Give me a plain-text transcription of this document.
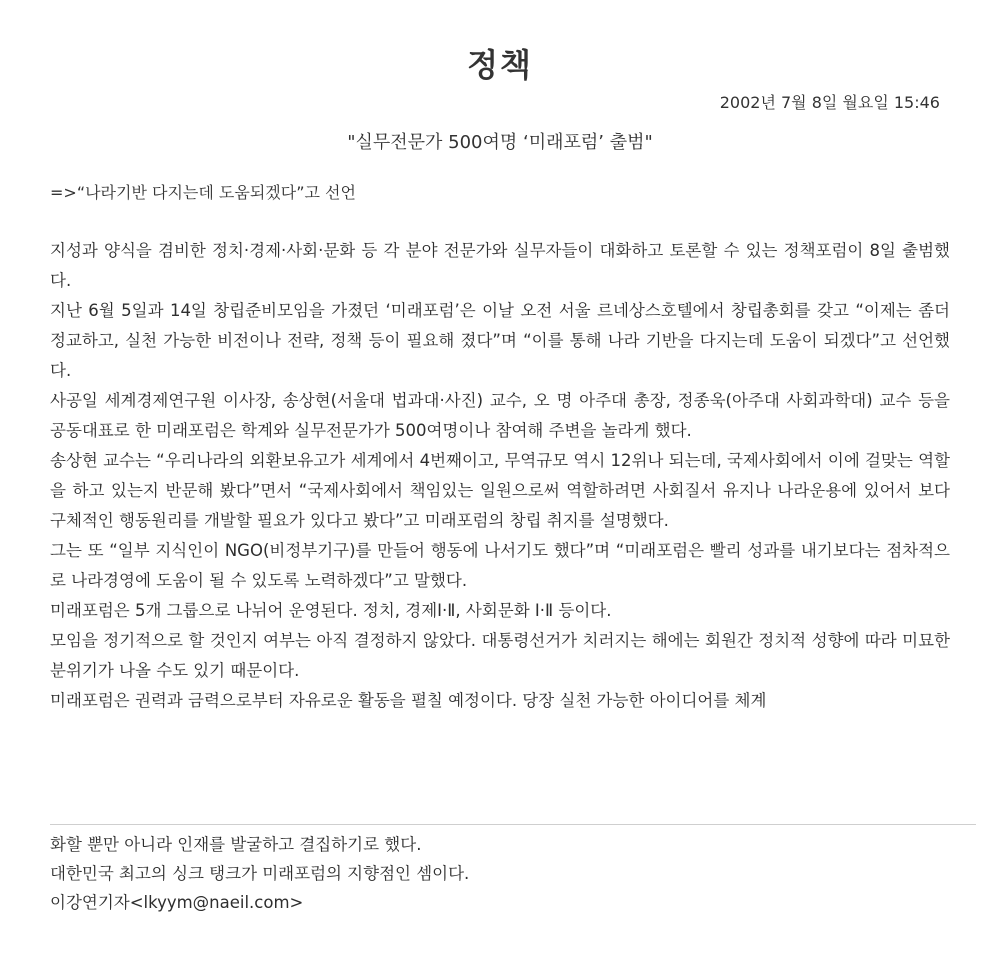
정책
2002년 7월 8일 월요일 15:46
"실무전문가 500여명 ‘미래포럼’ 출범"
=>“나라기반 다지는데 도움되겠다”고 선언

지성과 양식을 겸비한 정치·경제·사회·문화 등 각 분야 전문가와 실무자들이 대화하고 토론할 수 있는 정책포럼이 8일 출범했다.

지난 6월 5일과 14일 창립준비모임을 가졌던 ‘미래포럼’은 이날 오전 서울 르네상스호텔에서 창립총회를 갖고 “이제는 좀더 정교하고, 실천 가능한 비전이나 전략, 정책 등이 필요해 졌다”며 “이를 통해 나라 기반을 다지는데 도움이 되겠다”고 선언했다.

사공일 세계경제연구원 이사장, 송상현(서울대 법과대·사진) 교수, 오 명 아주대 총장, 정종욱(아주대 사회과학대) 교수 등을 공동대표로 한 미래포럼은 학계와 실무전문가가 500여명이나 참여해 주변을 놀라게 했다.

송상현 교수는 “우리나라의 외환보유고가 세계에서 4번째이고, 무역규모 역시 12위나 되는데, 국제사회에서 이에 걸맞는 역할을 하고 있는지 반문해 봤다”면서 “국제사회에서 책임있는 일원으로써 역할하려면 사회질서 유지나 나라운용에 있어서 보다 구체적인 행동원리를 개발할 필요가 있다고 봤다”고 미래포럼의 창립 취지를 설명했다.

그는 또 “일부 지식인이 NGO(비정부기구)를 만들어 행동에 나서기도 했다”며 “미래포럼은 빨리 성과를 내기보다는 점차적으로 나라경영에 도움이 될 수 있도록 노력하겠다”고 말했다.

미래포럼은 5개 그룹으로 나뉘어 운영된다. 정치, 경제Ⅰ·Ⅱ, 사회문화 Ⅰ·Ⅱ 등이다.

모임을 정기적으로 할 것인지 여부는 아직 결정하지 않았다. 대통령선거가 치러지는 해에는 회원간 정치적 성향에 따라 미묘한 분위기가 나올 수도 있기 때문이다.

미래포럼은 권력과 금력으로부터 자유로운 활동을 펼칠 예정이다. 당장 실천 가능한 아이디어를 체계

화할 뿐만 아니라 인재를 발굴하고 결집하기로 했다.
대한민국 최고의 싱크 탱크가 미래포럼의 지향점인 셈이다.
이강연기자<lkyym@naeil.com>
